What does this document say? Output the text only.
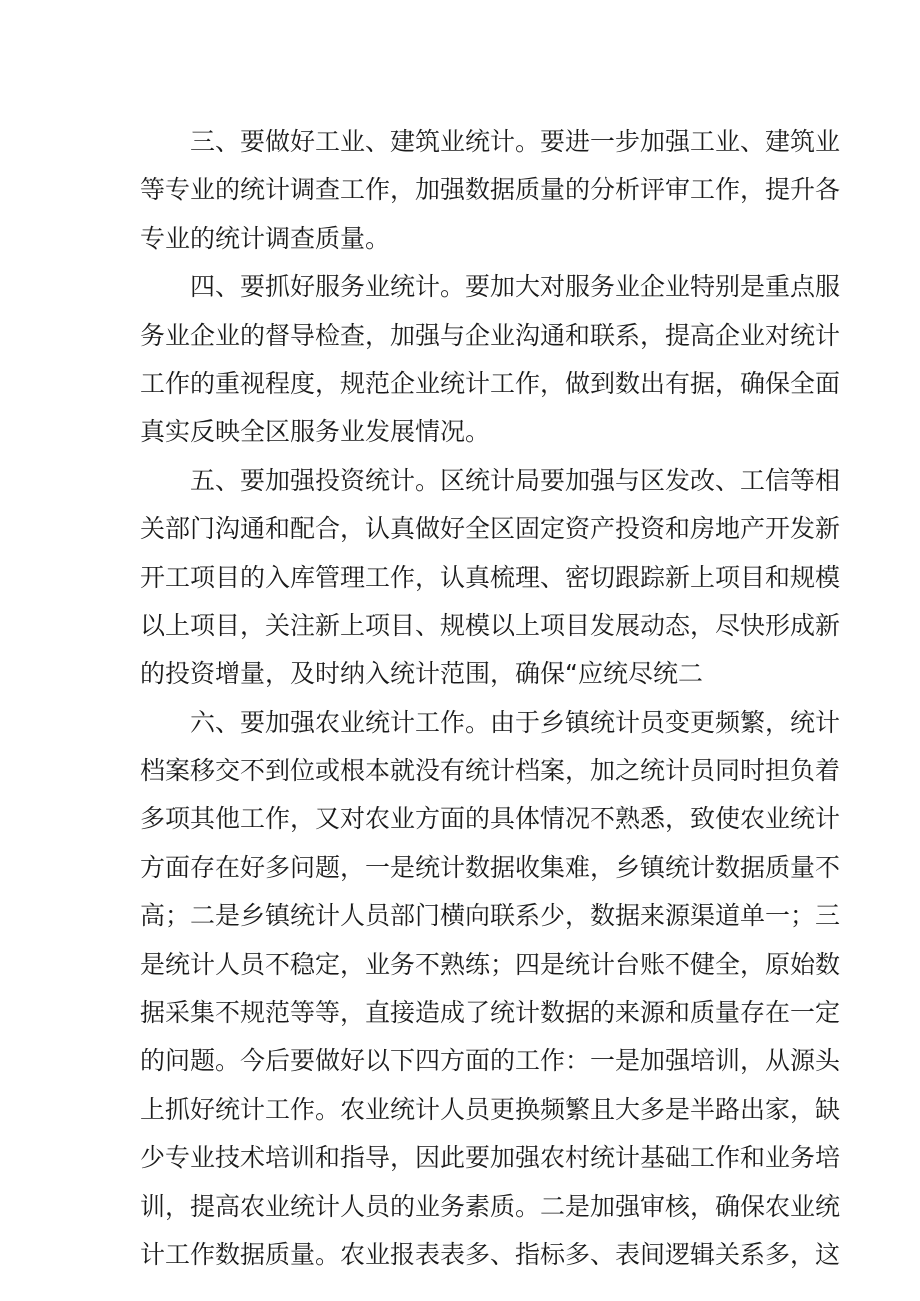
三、要做好工业、建筑业统计。要进一步加强工业、建筑业
等专业的统计调查工作，加强数据质量的分析评审工作，提升各
专业的统计调查质量。
四、要抓好服务业统计。要加大对服务业企业特别是重点服
务业企业的督导检查，加强与企业沟通和联系，提高企业对统计
工作的重视程度，规范企业统计工作，做到数出有据，确保全面
真实反映全区服务业发展情况。
五、要加强投资统计。区统计局要加强与区发改、工信等相
关部门沟通和配合，认真做好全区固定资产投资和房地产开发新
开工项目的入库管理工作，认真梳理、密切跟踪新上项目和规模
以上项目，关注新上项目、规模以上项目发展动态，尽快形成新
的投资增量，及时纳入统计范围，确保“应统尽统二
六、要加强农业统计工作。由于乡镇统计员变更频繁，统计
档案移交不到位或根本就没有统计档案，加之统计员同时担负着
多项其他工作，又对农业方面的具体情况不熟悉，致使农业统计
方面存在好多问题，一是统计数据收集难，乡镇统计数据质量不
高；二是乡镇统计人员部门横向联系少，数据来源渠道单一；三
是统计人员不稳定，业务不熟练；四是统计台账不健全，原始数
据采集不规范等等，直接造成了统计数据的来源和质量存在一定
的问题。今后要做好以下四方面的工作：一是加强培训，从源头
上抓好统计工作。农业统计人员更换频繁且大多是半路出家，缺
少专业技术培训和指导，因此要加强农村统计基础工作和业务培
训，提高农业统计人员的业务素质。二是加强审核，确保农业统
计工作数据质量。农业报表表多、指标多、表间逻辑关系多，这
